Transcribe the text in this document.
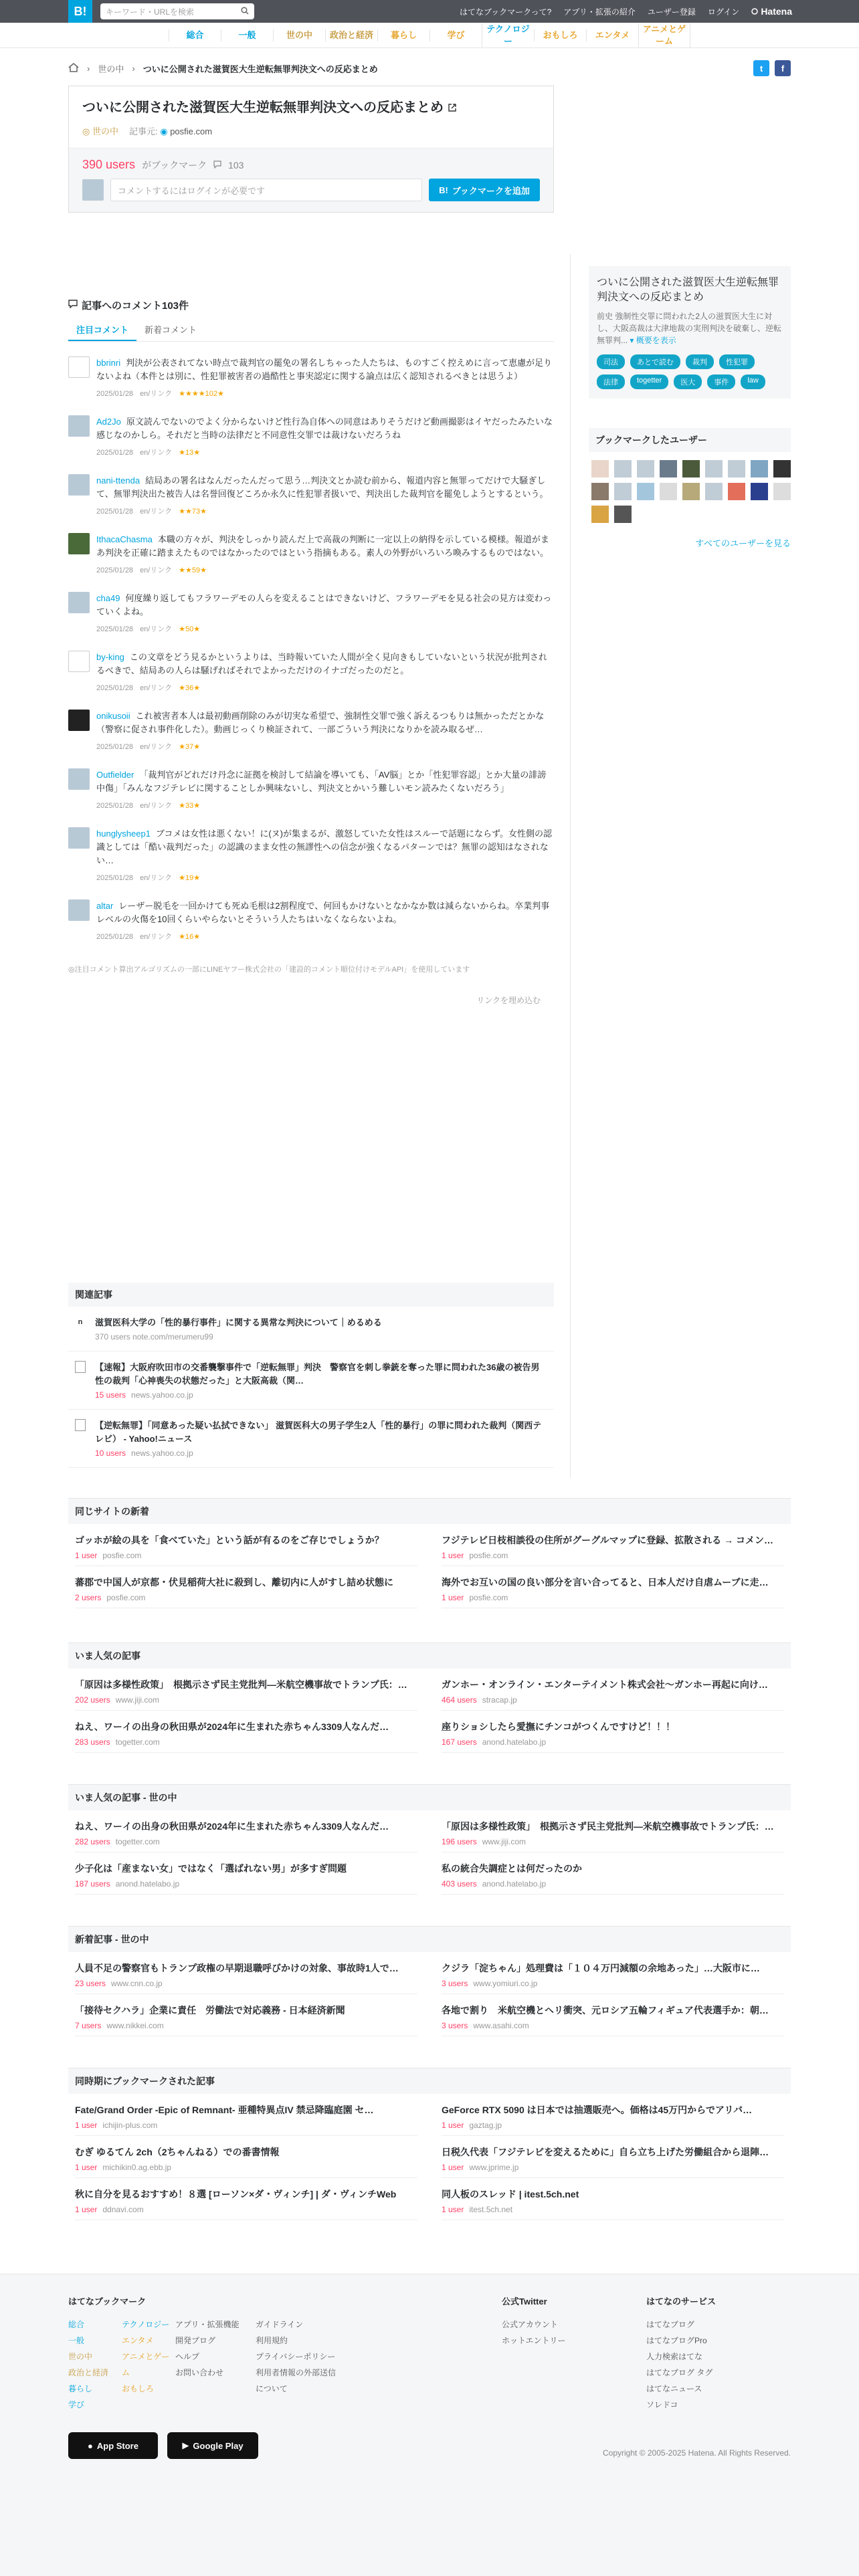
B!	キーワード・URLを検索	はてなブックマークって? アプリ・拡張の紹介 ユーザー登録 ログイン Hatena
総合	一般	世の中	政治と経済	暮らし	学び
テクノロジー
おもしろ	エンタメ
アニメとゲーム
› 世の中 › ついに公開された滋賀医大生逆転無罪判決文への反応まとめ	t	f
ついに公開された滋賀医大生逆転無罪判決文への反応まとめ
◎ 世の中 記事元: ◉ posfie.com
390 users がブックマーク 103
コメントするにはログインが必要です	B! ブックマークを追加
ついに公開された滋賀医大生逆転無罪判決文への反応まとめ

前史 強制性交罪に問われた2人の滋賀医大生に対し、大阪高裁は大津地裁の実刑判決を破棄し、逆転無罪判... ▾ 概要を表示

司法	あとで読む	裁判	性犯罪
法律	togetter	医大	事件	law
ブックマークしたユーザー
すべてのユーザーを見る
記事へのコメント103件
注目コメント	新着コメント
bbrinri 判決が公表されてない時点で裁判官の罷免の署名しちゃった人たちは、ものすごく控えめに言って恵慮が足りないよね（本件とは別に、性犯罪被害者の過酷性と事実認定に関する論点は広く認知されるべきとは思うよ）
2025/01/28 en/リンク ★★★★102★
Ad2Jo 原文読んでないのでよく分からないけど性行為自体への同意はありそうだけど動画撮影はイヤだったみたいな感じなのかしら。それだと当時の法律だと不同意性交罪では裁けないだろうね
2025/01/28 en/リンク ★13★
nani-ttenda 結局あの署名はなんだったんだって思う…判決文とか読む前から、報道内容と無罪ってだけで大騒ぎして、無罪判決出た被告人は名誉回復どころか永久に性犯罪者扱いで、判決出した裁判官を罷免しようとするという。
2025/01/28 en/リンク ★★73★
IthacaChasma 本職の方々が、判決をしっかり読んだ上で高裁の判断に一定以上の納得を示している模様。報道がまあ判決を正確に踏まえたものではなかったのではという指摘もある。素人の外野がいろいろ喚みするものではない。
2025/01/28 en/リンク ★★59★
cha49 何度繰り返してもフラワーデモの人らを変えることはできないけど、フラワーデモを見る社会の見方は変わっていくよね。
2025/01/28 en/リンク ★50★
by-king この文章をどう見るかというよりは、当時報いていた人間が全く見向きもしていないという状況が批判されるべきで、結局あの人らは騒げればそれでよかっただけのイナゴだったのだと。
2025/01/28 en/リンク ★36★
onikusoii これ被害者本人は最初動画削除のみが切実な希望で、強制性交罪で強く訴えるつもりは無かっただとかな（警察に促され事件化した）。動画じっくり検証されて、一部ごういう判決になりかを読み取るぜ…
2025/01/28 en/リンク ★37★
Outfielder 「裁判官がどれだけ丹念に証拠を検討して結論を導いても、「AV脳」とか「性犯罪容認」とか大量の誹謗中傷」「みんなフジテレビに関することしか興味ないし、判決文とかいう難しいモン読みたくないだろう」
2025/01/28 en/リンク ★33★
hunglysheep1 ブコメは女性は悪くない！に(ヌ)が集まるが、激怒していた女性はスルーで話題にならず。女性側の認識としては「酷い裁判だった」の認識のまま女性の無謬性への信念が強くなるパターンでは？無罪の認知はなされない…
2025/01/28 en/リンク ★19★
altar レーザー脱毛を一回かけても死ぬ毛根は2割程度で、何回もかけないとなかなか数は減らないからね。卒業判事レベルの火傷を10回くらいやらないとそういう人たちはいなくならないよね。
2025/01/28 en/リンク ★16★
◎注目コメント算出アルゴリズムの一部にLINEヤフー株式会社の「建設的コメント順位付けモデルAPI」を使用しています
リンクを埋め込む
関連記事
n	滋賀医科大学の「性的暴行事件」に関する異常な判決について｜めるめる
370 users note.com/merumeru99
【速報】大阪府吹田市の交番襲撃事件で「逆転無罪」判決　警察官を刺し拳銃を奪った罪に問われた36歳の被告男性の裁判「心神喪失の状態だった」と大阪高裁（関…
15 users news.yahoo.co.jp
【逆転無罪】「同意あった疑い払拭できない」 滋賀医科大の男子学生2人「性的暴行」の罪に問われた裁判（関西テレビ） - Yahoo!ニュース
10 users news.yahoo.co.jp
同じサイトの新着
ゴッホが絵の具を「食べていた」という話が有るのをご存じでしょうか？
1 user posfie.com
フジテレビ日枝相談役の住所がグーグルマップに登録、拡散される → コメン…
1 user posfie.com
蕃郡で中国人が京都・伏見稲荷大社に殺到し、離切内に人がすし詰め状態に
2 users posfie.com
海外でお互いの国の良い部分を言い合ってると、日本人だけ自虐ムーブに走…
1 user posfie.com
いま人気の記事
「原因は多様性政策」　根拠示さず民主党批判―米航空機事故でトランプ氏：…
202 users www.jiji.com
ガンホー・オンライン・エンターテイメント株式会社〜ガンホー再起に向け…
464 users stracap.jp
ねえ、ワーイの出身の秋田県が2024年に生まれた赤ちゃん3309人なんだ…
283 users togetter.com
座りショシしたら愛撫にチンコがつくんですけど！！！
167 users anond.hatelabo.jp
いま人気の記事 - 世の中
ねえ、ワーイの出身の秋田県が2024年に生まれた赤ちゃん3309人なんだ…
282 users togetter.com
「原因は多様性政策」　根拠示さず民主党批判―米航空機事故でトランプ氏：…
196 users www.jiji.com
少子化は「産まない女」ではなく「選ばれない男」が多すぎ問題
187 users anond.hatelabo.jp
私の統合失調症とは何だったのか
403 users anond.hatelabo.jp
新着記事 - 世の中
人員不足の警察官もトランプ政権の早期退職呼びかけの対象、事故時1人で…
23 users www.cnn.co.jp
クジラ「淀ちゃん」処理費は「１０４万円減額の余地あった」…大阪市に…
3 users www.yomiuri.co.jp
「接待セクハラ」企業に責任　労働法で対応義務 - 日本経済新聞
7 users www.nikkei.com
各地で割り　米航空機とヘリ衝突、元ロシア五輪フィギュア代表選手か：朝…
3 users www.asahi.com
同時期にブックマークされた記事
Fate/Grand Order -Epic of Remnant- 亜種特異点IV 禁忌降臨庭園 セ…
1 user ichijin-plus.com
GeForce RTX 5090 は日本では抽選販売へ。価格は45万円からでアリバ…
1 user gaztag.jp
むぎ ゆるてん 2ch（2ちゃんねる）での番書情報
1 user michikin0.ag.ebb.jp
日税久代表「フジテレビを変えるために」自ら立ち上げた労働組合から退陣…
1 user www.jprime.jp
秋に自分を見るおすすめ！８選 [ローソン×ダ・ヴィンチ] | ダ・ヴィンチWeb
1 user ddnavi.com
同人板のスレッド | itest.5ch.net
1 user itest.5ch.net
はてなブックマーク
総合
一般
世の中
政治と経済
暮らし
学び
テクノロジー
エンタメ
アニメとゲーム
おもしろ
アプリ・拡張機能
開発ブログ
ヘルプ
お問い合わせ
ガイドライン
利用規約
プライバシーポリシー
利用者情報の外部送信について
公式Twitter
公式アカウント
ホットエントリー
はてなのサービス
はてなブログ
はてなブログPro
人力検索はてな
はてなブログ タグ
はてなニュース
ソレドコ
● App Store	▶ Google Play
Copyright © 2005-2025 Hatena. All Rights Reserved.
